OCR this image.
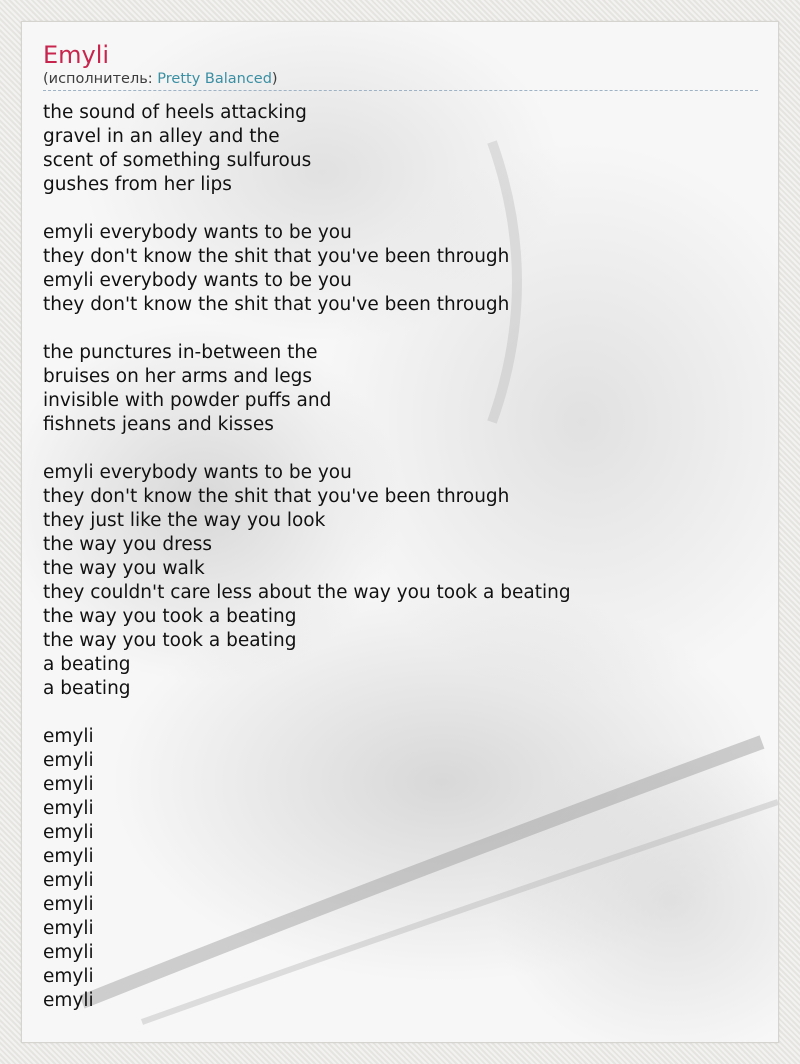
Emyli
(исполнитель: Pretty Balanced)
the sound of heels attacking
gravel in an alley and the
scent of something sulfurous
gushes from her lips
emyli everybody wants to be you
they don't know the shit that you've been through
emyli everybody wants to be you
they don't know the shit that you've been through
the punctures in-between the
bruises on her arms and legs
invisible with powder puffs and
fishnets jeans and kisses
emyli everybody wants to be you
they don't know the shit that you've been through
they just like the way you look
the way you dress
the way you walk
they couldn't care less about the way you took a beating
the way you took a beating
the way you took a beating
a beating
a beating
emyli
emyli
emyli
emyli
emyli
emyli
emyli
emyli
emyli
emyli
emyli
emyli
